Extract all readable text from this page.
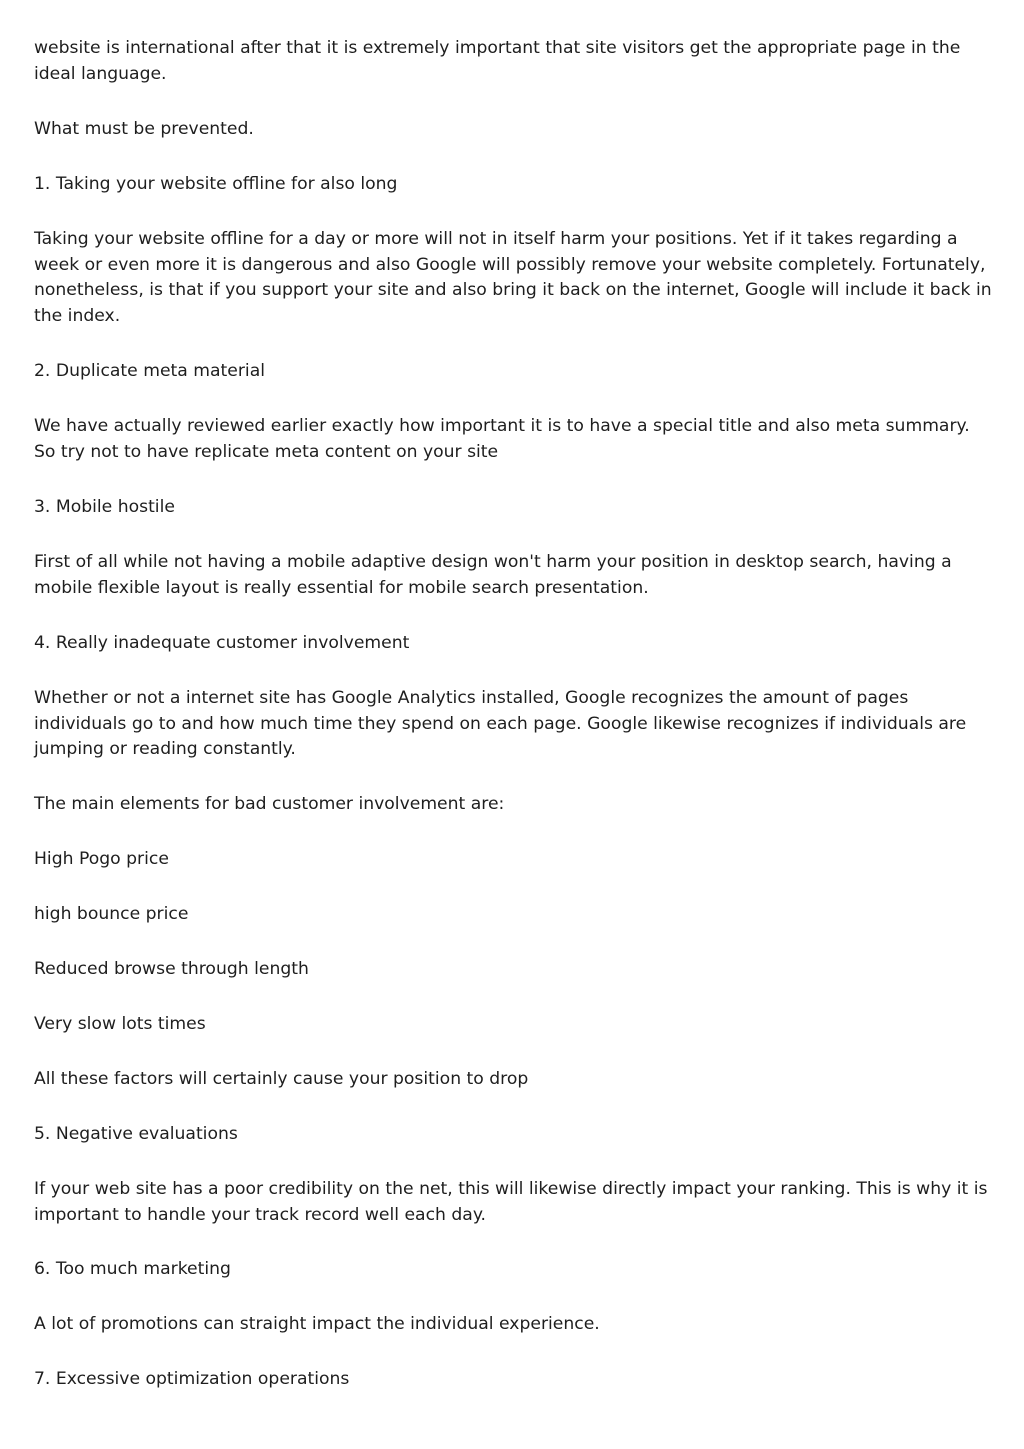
website is international after that it is extremely important that site visitors get the appropriate page in the ideal language.

What must be prevented.

1. Taking your website offline for also long

Taking your website offline for a day or more will not in itself harm your positions. Yet if it takes regarding a week or even more it is dangerous and also Google will possibly remove your website completely. Fortunately, nonetheless, is that if you support your site and also bring it back on the internet, Google will include it back in the index.

2. Duplicate meta material

We have actually reviewed earlier exactly how important it is to have a special title and also meta summary. So try not to have replicate meta content on your site

3. Mobile hostile

First of all while not having a mobile adaptive design won't harm your position in desktop search, having a mobile flexible layout is really essential for mobile search presentation.

4. Really inadequate customer involvement

Whether or not a internet site has Google Analytics installed, Google recognizes the amount of pages individuals go to and how much time they spend on each page. Google likewise recognizes if individuals are jumping or reading constantly.

The main elements for bad customer involvement are:

High Pogo price

high bounce price

Reduced browse through length

Very slow lots times

All these factors will certainly cause your position to drop

5. Negative evaluations

If your web site has a poor credibility on the net, this will likewise directly impact your ranking. This is why it is important to handle your track record well each day.

6. Too much marketing

A lot of promotions can straight impact the individual experience.

7. Excessive optimization operations
